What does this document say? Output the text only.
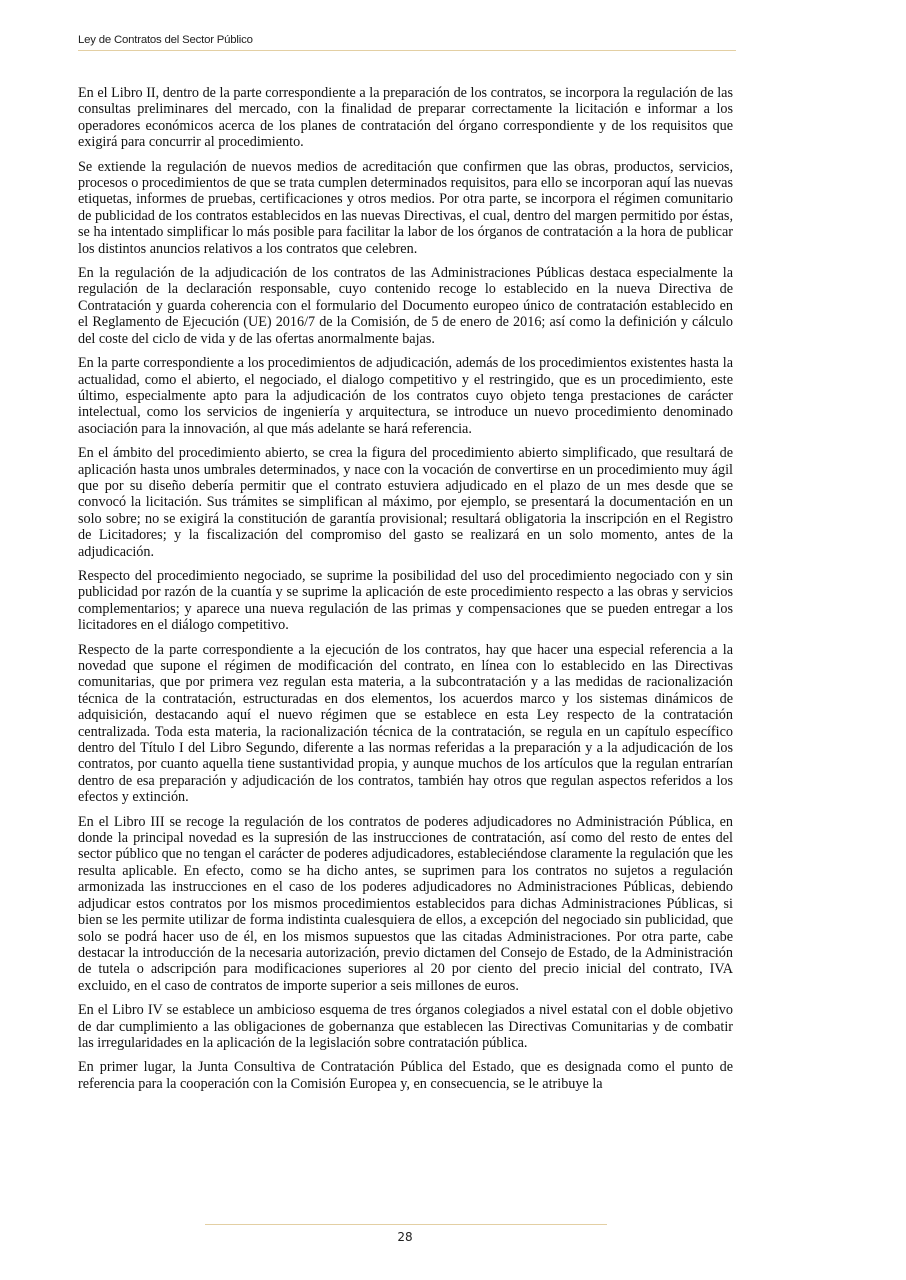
Ley de Contratos del Sector Público

En el Libro II, dentro de la parte correspondiente a la preparación de los contratos, se incorpora la regulación de las consultas preliminares del mercado, con la finalidad de preparar correctamente la licitación e informar a los operadores económicos acerca de los planes de contratación del órgano correspondiente y de los requisitos que exigirá para concurrir al procedimiento.

Se extiende la regulación de nuevos medios de acreditación que confirmen que las obras, productos, servicios, procesos o procedimientos de que se trata cumplen determinados requisitos, para ello se incorporan aquí las nuevas etiquetas, informes de pruebas, certificaciones y otros medios. Por otra parte, se incorpora el régimen comunitario de publicidad de los contratos establecidos en las nuevas Directivas, el cual, dentro del margen permitido por éstas, se ha intentado simplificar lo más posible para facilitar la labor de los órganos de contratación a la hora de publicar los distintos anuncios relativos a los contratos que celebren.

En la regulación de la adjudicación de los contratos de las Administraciones Públicas destaca especialmente la regulación de la declaración responsable, cuyo contenido recoge lo establecido en la nueva Directiva de Contratación y guarda coherencia con el formulario del Documento europeo único de contratación establecido en el Reglamento de Ejecución (UE) 2016/7 de la Comisión, de 5 de enero de 2016; así como la definición y cálculo del coste del ciclo de vida y de las ofertas anormalmente bajas.

En la parte correspondiente a los procedimientos de adjudicación, además de los procedimientos existentes hasta la actualidad, como el abierto, el negociado, el dialogo competitivo y el restringido, que es un procedimiento, este último, especialmente apto para la adjudicación de los contratos cuyo objeto tenga prestaciones de carácter intelectual, como los servicios de ingeniería y arquitectura, se introduce un nuevo procedimiento denominado asociación para la innovación, al que más adelante se hará referencia.

En el ámbito del procedimiento abierto, se crea la figura del procedimiento abierto simplificado, que resultará de aplicación hasta unos umbrales determinados, y nace con la vocación de convertirse en un procedimiento muy ágil que por su diseño debería permitir que el contrato estuviera adjudicado en el plazo de un mes desde que se convocó la licitación. Sus trámites se simplifican al máximo, por ejemplo, se presentará la documentación en un solo sobre; no se exigirá la constitución de garantía provisional; resultará obligatoria la inscripción en el Registro de Licitadores; y la fiscalización del compromiso del gasto se realizará en un solo momento, antes de la adjudicación.

Respecto del procedimiento negociado, se suprime la posibilidad del uso del procedimiento negociado con y sin publicidad por razón de la cuantía y se suprime la aplicación de este procedimiento respecto a las obras y servicios complementarios; y aparece una nueva regulación de las primas y compensaciones que se pueden entregar a los licitadores en el diálogo competitivo.

Respecto de la parte correspondiente a la ejecución de los contratos, hay que hacer una especial referencia a la novedad que supone el régimen de modificación del contrato, en línea con lo establecido en las Directivas comunitarias, que por primera vez regulan esta materia, a la subcontratación y a las medidas de racionalización técnica de la contratación, estructuradas en dos elementos, los acuerdos marco y los sistemas dinámicos de adquisición, destacando aquí el nuevo régimen que se establece en esta Ley respecto de la contratación centralizada. Toda esta materia, la racionalización técnica de la contratación, se regula en un capítulo específico dentro del Título I del Libro Segundo, diferente a las normas referidas a la preparación y a la adjudicación de los contratos, por cuanto aquella tiene sustantividad propia, y aunque muchos de los artículos que la regulan entrarían dentro de esa preparación y adjudicación de los contratos, también hay otros que regulan aspectos referidos a los efectos y extinción.

En el Libro III se recoge la regulación de los contratos de poderes adjudicadores no Administración Pública, en donde la principal novedad es la supresión de las instrucciones de contratación, así como del resto de entes del sector público que no tengan el carácter de poderes adjudicadores, estableciéndose claramente la regulación que les resulta aplicable. En efecto, como se ha dicho antes, se suprimen para los contratos no sujetos a regulación armonizada las instrucciones en el caso de los poderes adjudicadores no Administraciones Públicas, debiendo adjudicar estos contratos por los mismos procedimientos establecidos para dichas Administraciones Públicas, si bien se les permite utilizar de forma indistinta cualesquiera de ellos, a excepción del negociado sin publicidad, que solo se podrá hacer uso de él, en los mismos supuestos que las citadas Administraciones. Por otra parte, cabe destacar la introducción de la necesaria autorización, previo dictamen del Consejo de Estado, de la Administración de tutela o adscripción para modificaciones superiores al 20 por ciento del precio inicial del contrato, IVA excluido, en el caso de contratos de importe superior a seis millones de euros.

En el Libro IV se establece un ambicioso esquema de tres órganos colegiados a nivel estatal con el doble objetivo de dar cumplimiento a las obligaciones de gobernanza que establecen las Directivas Comunitarias y de combatir las irregularidades en la aplicación de la legislación sobre contratación pública.

En primer lugar, la Junta Consultiva de Contratación Pública del Estado, que es designada como el punto de referencia para la cooperación con la Comisión Europea y, en consecuencia, se le atribuye la

28
